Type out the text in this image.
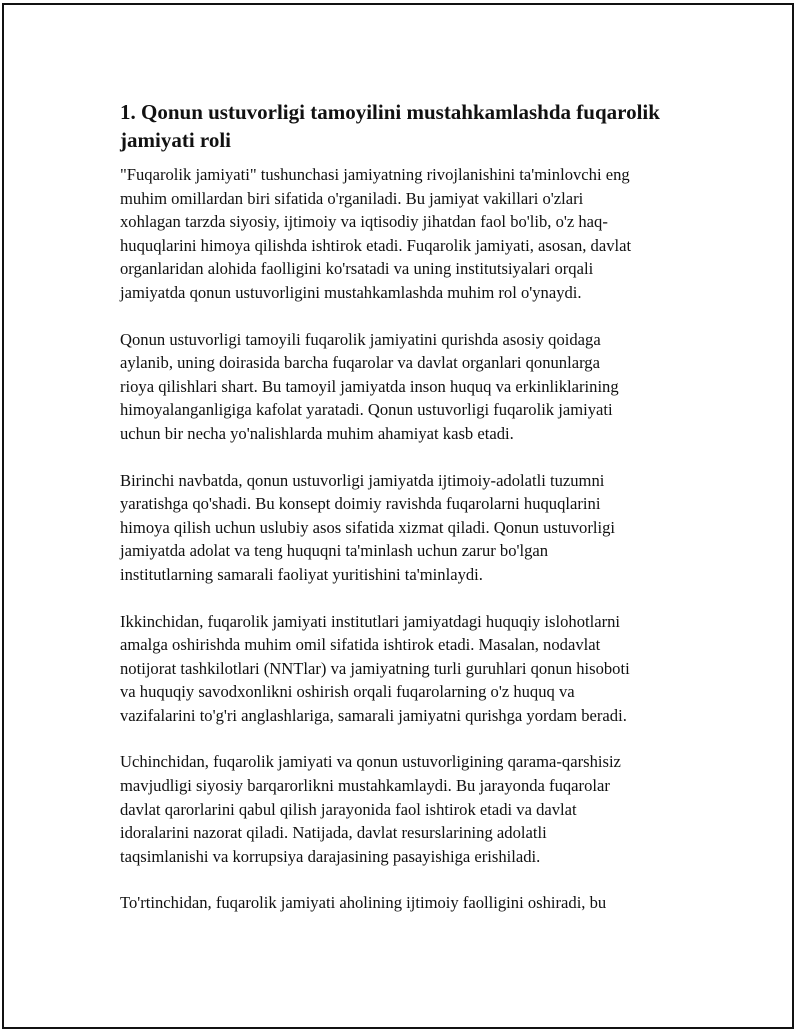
1. Qonun ustuvorligi tamoyilini mustahkamlashda fuqarolik
jamiyati roli
"Fuqarolik jamiyati" tushunchasi jamiyatning rivojlanishini ta'minlovchi eng
muhim omillardan biri sifatida o'rganiladi. Bu jamiyat vakillari o'zlari
xohlagan tarzda siyosiy, ijtimoiy va iqtisodiy jihatdan faol bo'lib, o'z haq-
huquqlarini himoya qilishda ishtirok etadi. Fuqarolik jamiyati, asosan, davlat
organlaridan alohida faolligini ko'rsatadi va uning institutsiyalari orqali
jamiyatda qonun ustuvorligini mustahkamlashda muhim rol o'ynaydi.
Qonun ustuvorligi tamoyili fuqarolik jamiyatini qurishda asosiy qoidaga
aylanib, uning doirasida barcha fuqarolar va davlat organlari qonunlarga
rioya qilishlari shart. Bu tamoyil jamiyatda inson huquq va erkinliklarining
himoyalanganligiga kafolat yaratadi. Qonun ustuvorligi fuqarolik jamiyati
uchun bir necha yo'nalishlarda muhim ahamiyat kasb etadi.
Birinchi navbatda, qonun ustuvorligi jamiyatda ijtimoiy-adolatli tuzumni
yaratishga qo'shadi. Bu konsept doimiy ravishda fuqarolarni huquqlarini
himoya qilish uchun uslubiy asos sifatida xizmat qiladi. Qonun ustuvorligi
jamiyatda adolat va teng huquqni ta'minlash uchun zarur bo'lgan
institutlarning samarali faoliyat yuritishini ta'minlaydi.
Ikkinchidan, fuqarolik jamiyati institutlari jamiyatdagi huquqiy islohotlarni
amalga oshirishda muhim omil sifatida ishtirok etadi. Masalan, nodavlat
notijorat tashkilotlari (NNTlar) va jamiyatning turli guruhlari qonun hisoboti
va huquqiy savodxonlikni oshirish orqali fuqarolarning o'z huquq va
vazifalarini to'g'ri anglashlariga, samarali jamiyatni qurishga yordam beradi.
Uchinchidan, fuqarolik jamiyati va qonun ustuvorligining qarama-qarshisiz
mavjudligi siyosiy barqarorlikni mustahkamlaydi. Bu jarayonda fuqarolar
davlat qarorlarini qabul qilish jarayonida faol ishtirok etadi va davlat
idoralarini nazorat qiladi. Natijada, davlat resurslarining adolatli
taqsimlanishi va korrupsiya darajasining pasayishiga erishiladi.
To'rtinchidan, fuqarolik jamiyati aholining ijtimoiy faolligini oshiradi, bu
